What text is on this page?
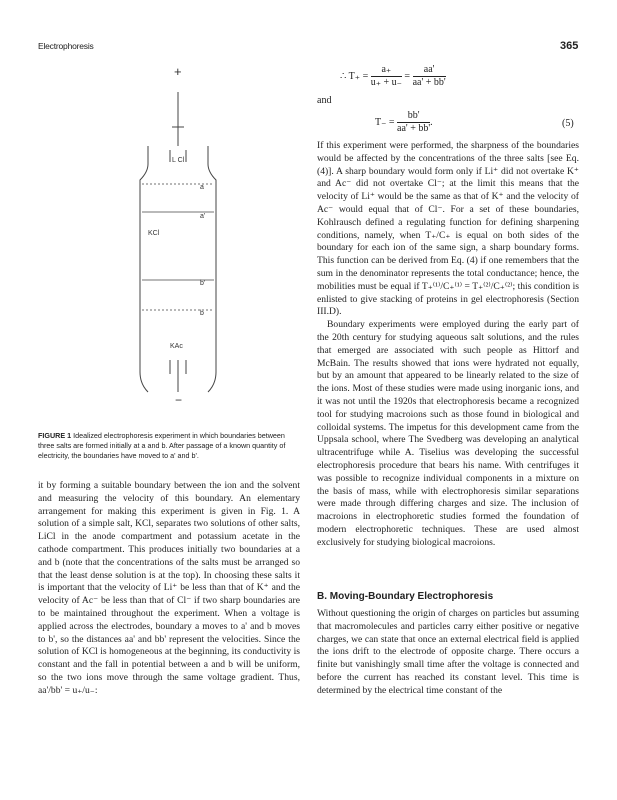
Electrophoresis	365
+
L Cl
a
a'
KCl
b'
b
KAc
−
FIGURE 1 Idealized electrophoresis experiment in which boundaries between three salts are formed initially at a and b. After passage of a known quantity of electricity, the boundaries have moved to a' and b'.

it by forming a suitable boundary between the ion and the solvent and measuring the velocity of this boundary. An elementary arrangement for making this experiment is given in Fig. 1. A solution of a simple salt, KCl, separates two solutions of other salts, LiCl in the anode compartment and potassium acetate in the cathode compartment. This produces initially two boundaries at a and b (note that the concentrations of the salts must be arranged so that the least dense solution is at the top). In choosing these salts it is important that the velocity of Li⁺ be less than that of K⁺ and the velocity of Ac⁻ be less than that of Cl⁻ if two sharp boundaries are to be maintained throughout the experiment. When a voltage is applied across the electrodes, boundary a moves to a' and b moves to b', so the distances aa' and bb' represent the velocities. Since the solution of KCl is homogeneous at the beginning, its conductivity is constant and the fall in potential between a and b will be uniform, so the two ions move through the same voltage gradient. Thus, aa'/bb' = u₊/u₋:

∴ $T_+ = \frac{a_+}{u_+ + u_-} = \frac{aa'}{aa' + bb'}$
and
$T_- = \frac{bb'}{aa' + bb'}$ .	(5)

If this experiment were performed, the sharpness of the boundaries would be affected by the concentrations of the three salts [see Eq. (4)]. A sharp boundary would form only if Li⁺ did not overtake K⁺ and Ac⁻ did not overtake Cl⁻; at the limit this means that the velocity of Li⁺ would be the same as that of K⁺ and the velocity of Ac⁻ would equal that of Cl⁻. For a set of these boundaries, Kohlrausch defined a regulating function for defining sharpening conditions, namely, when T₊/C₊ is equal on both sides of the boundary for each ion of the same sign, a sharp boundary forms. This function can be derived from Eq. (4) if one remembers that the sum in the denominator represents the total conductance; hence, the mobilities must be equal if T₊⁽¹⁾/C₊⁽¹⁾ = T₊⁽²⁾/C₊⁽²⁾; this condition is enlisted to give stacking of proteins in gel electrophoresis (Section III.D).

Boundary experiments were employed during the early part of the 20th century for studying aqueous salt solutions, and the rules that emerged are associated with such people as Hittorf and McBain. The results showed that ions were hydrated not equally, but by an amount that appeared to be linearly related to the size of the ions. Most of these studies were made using inorganic ions, and it was not until the 1920s that electrophoresis became a recognized tool for studying macroions such as those found in biological and colloidal systems. The impetus for this development came from the Uppsala school, where The Svedberg was developing an analytical ultracentrifuge while A. Tiselius was developing the successful electrophoresis procedure that bears his name. With centrifuges it was possible to recognize individual components in a mixture on the basis of mass, while with electrophoresis similar separations were made through differing charges and size. The inclusion of macroions in electrophoretic studies formed the foundation of modern electrophoretic techniques. These are used almost exclusively for studying biological macroions.

B. Moving-Boundary Electrophoresis

Without questioning the origin of charges on particles but assuming that macromolecules and particles carry either positive or negative charges, we can state that once an external electrical field is applied the ions drift to the electrode of opposite charge. There occurs a finite but vanishingly small time after the voltage is connected and before the current has reached its constant level. This time is determined by the electrical time constant of the
